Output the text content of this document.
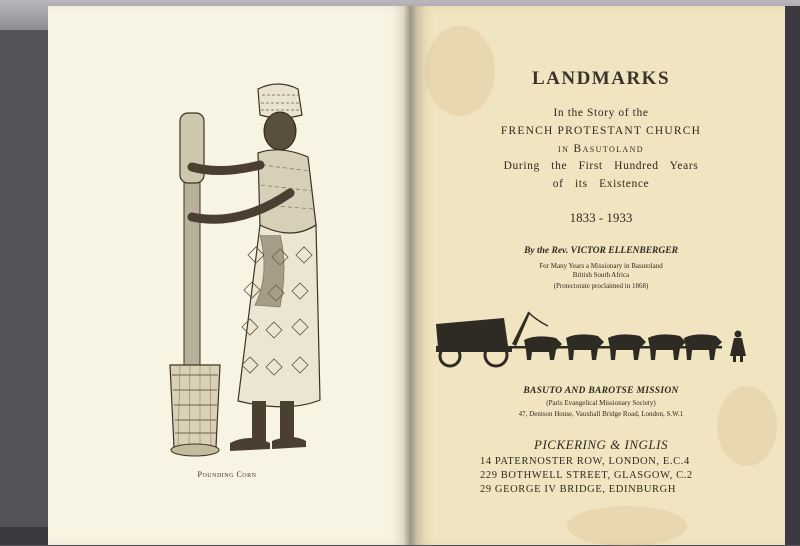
Pounding Corn
LANDMARKS
In the Story of the
FRENCH PROTESTANT CHURCH
in Basutoland
During the First Hundred Years
of its Existence
1833 - 1933
By the Rev. VICTOR ELLENBERGER
For Many Years a Missionary in Basutoland
British South Africa
(Protectorate proclaimed in 1868)
BASUTO AND BAROTSE MISSION
(Paris Evangelical Missionary Society)
47, Denison House, Vauxhall Bridge Road, London, S.W.1
PICKERING & INGLIS
14 PATERNOSTER ROW, LONDON, E.C.4
229 BOTHWELL STREET, GLASGOW, C.2
29 GEORGE IV BRIDGE, EDINBURGH
